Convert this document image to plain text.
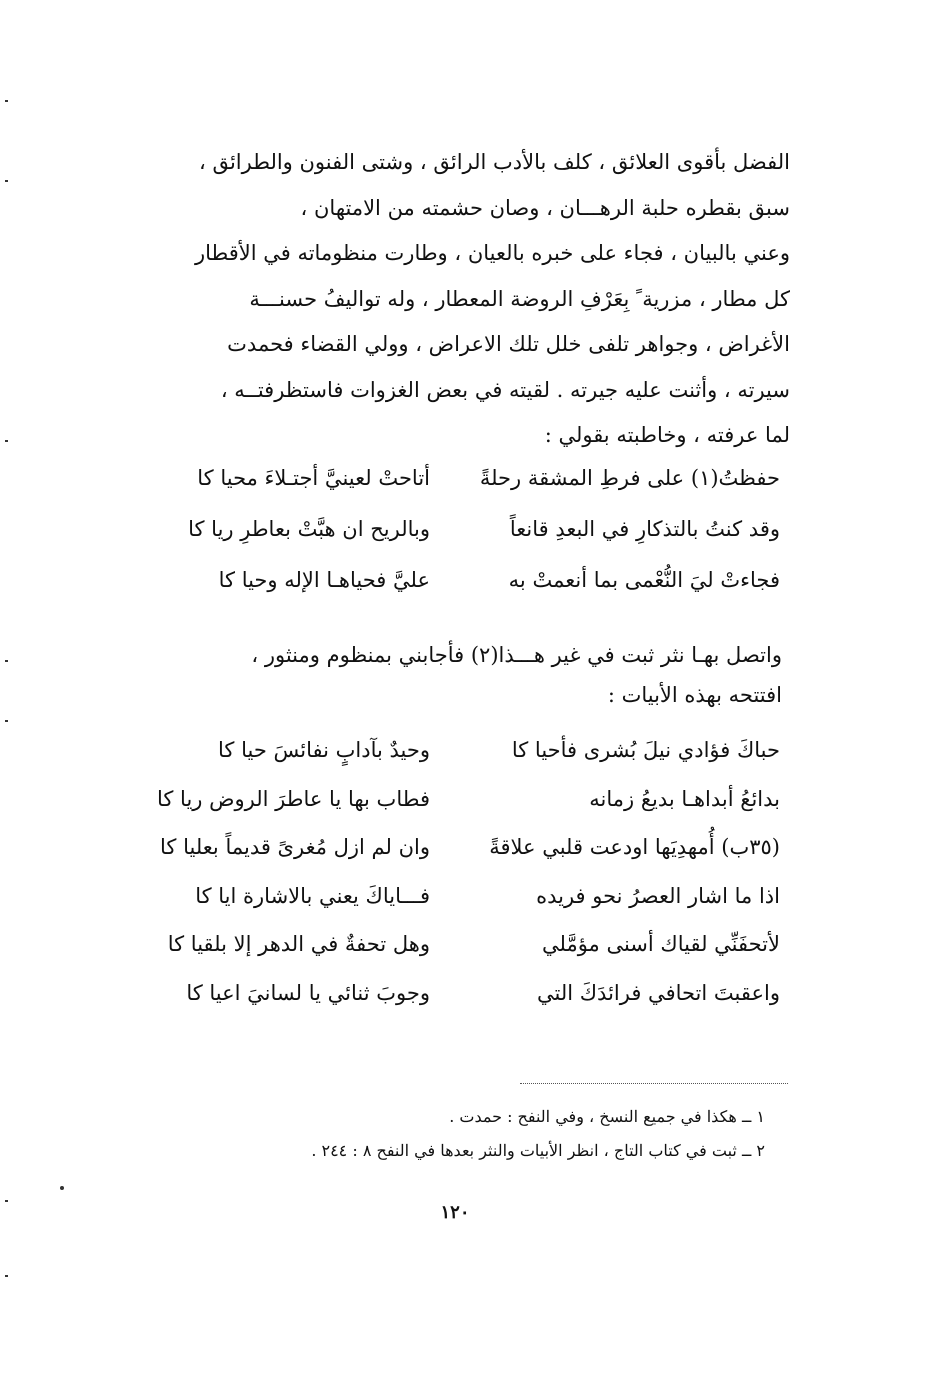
الفضل بأقوى العلائق ، كلف بالأدب الرائق ، وشتى الفنون والطرائق ،

سبق بقطره حلبة الرهـــان ، وصان حشمته من الامتهان ،

وعني بالبيان ، فجاء على خبره بالعيان ، وطارت منظوماته في الأقطار

كل مطار ، مزرية ً بِعَرْفِ الروضة المعطار ، وله تواليفُ حسنـــة

الأغراض ، وجواهر تلفى خلل تلك الاعراض ، وولي القضاء فحمدت

سيرته ، وأثنت عليه جيرته . لقيته في بعض الغزوات فاستظرفتــه ،

لما عرفته ، وخاطبته بقولي :

حفظتُ(١) على فرطِ المشقة رحلةً
أتاحتْ لعينيَّ أجتـلاءَ محيا كا
وقد كنتُ بالتذكارِ في البعدِ قانعاً
وبالريح ان هبَّتْ بعاطرِ ريا كا
فجاءتْ ليَ النُّعْمى بما أنعمتْ به
عليَّ فحياهـا الإله وحيا كا

واتصل بهـا نثر ثبت في غير هـــذا(٢) فأجابني بمنظوم ومنثور ،

افتتحه بهذه الأبيات :

حباكَ فؤادي نيلَ بُشرى فأحيا كا
وحيدٌ بآدابٍ نفائسَ حيا كا
بدائعُ أبداهـا بديعُ زمانه
فطاب بها يا عاطرَ الروض ريا كا
(٣٥ب) أُمهدِيَها اودعت قلبي علاقةً
وان لم ازل مُغرىً قديماً بعليا كا
اذا ما اشار العصرُ نحو فريده
فـــاياكَ يعني بالاشارة ايا كا
لأتحفَنِّي لقياك أسنى مؤمَّلي
وهل تحفةٌ في الدهر إلا بلقيا كا
واعقبتَ اتحافي فرائدَكَ التي
وجوبَ ثنائي يا لسانيَ اعيا كا

١ ــ هكذا في جميع النسخ ، وفي النفح : حمدت .

٢ ــ ثبت في كتاب التاج ، انظر الأبيات والنثر بعدها في النفح ٨ : ٢٤٤ .

١٢٠
